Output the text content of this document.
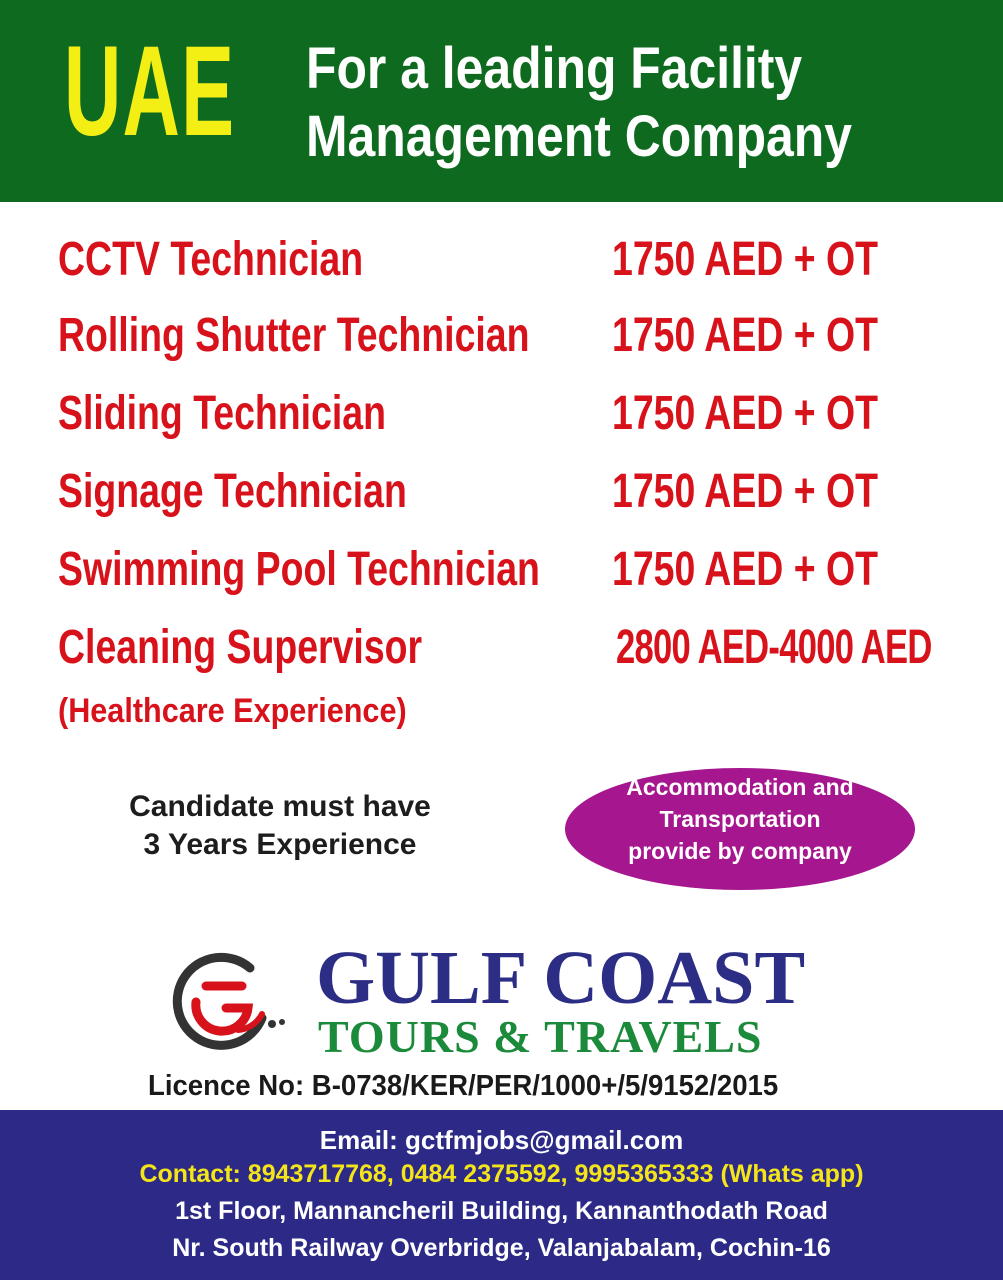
UAE For a leading Facility
Management Company
CCTV Technician	1750 AED + OT
Rolling Shutter Technician 1750 AED + OT
Sliding Technician	1750 AED + OT
Signage Technician	1750 AED + OT
Swimming Pool Technician 1750 AED + OT
Cleaning Supervisor	2800 AED-4000 AED
(Healthcare Experience)
Candidate must have
3 Years Experience
Accommodation and
Transportation
provide by company
GULF COAST
TOURS & TRAVELS
Licence No: B-0738/KER/PER/1000+/5/9152/2015
Email: gctfmjobs@gmail.com
Contact: 8943717768, 0484 2375592, 9995365333 (Whats app)
1st Floor, Mannancheril Building, Kannanthodath Road
Nr. South Railway Overbridge, Valanjabalam, Cochin-16
